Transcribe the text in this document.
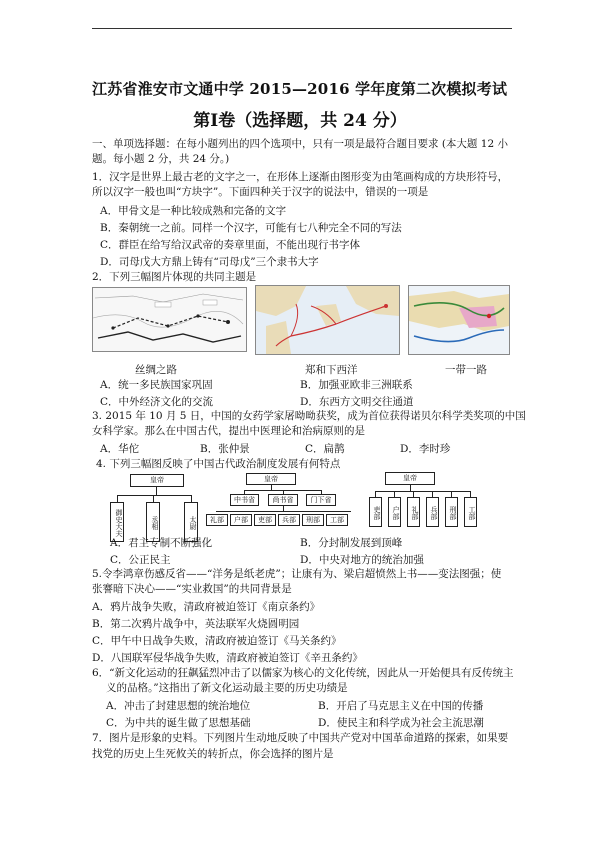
江苏省淮安市文通中学 2015—2016 学年度第二次模拟考试
第Ⅰ卷（选择题，共 24 分）
一、单项选择题：在每小题列出的四个选项中，只有一项是最符合题目要求 (本大题 12 小
题。每小题 2 分，共 24 分。)
1．汉字是世界上最古老的文字之一，在形体上逐渐由图形变为由笔画构成的方块形符号，
所以汉字一般也叫“方块字”。下面四种关于汉字的说法中，错误的一项是
A．甲骨文是一种比较成熟和完备的文字
B．秦朝统一之前。同样一个汉字，可能有七八种完全不同的写法
C．群臣在给写给汉武帝的奏章里面，不能出现行书字体
D．司母戊大方鼎上铸有“司母戊”三个隶书大字
2．下列三幅图片体现的共同主题是
丝绸之路	郑和下西洋	一带一路
A．统一多民族国家巩固	B．加强亚欧非三洲联系
C．中外经济文化的交流	D．东西方文明交往通道
3. 2015 年 10 月 5 日，中国的女药学家屠呦呦获奖，成为首位获得诺贝尔科学类奖项的中国
女科学家。那么在中国古代，提出中医理论和治病原则的是
A．华佗	B．张仲景	C．扁鹊	D．李时珍
4. 下列三幅图反映了中国古代政治制度发展有何特点
皇帝
御史大夫	丞相	太尉
皇帝
中书省	尚书省	门下省
礼部	户部	吏部	兵部	刑部	工部
皇帝
吏部	户部	礼部	兵部	刑部	工部
A．君主专制不断强化	B．分封制发展到顶峰
C．公正民主	D．中央对地方的统治加强
5.令李鸿章伤感反省——“洋务是纸老虎”；让康有为、梁启超愤然上书——变法图强；使
张謇暗下决心——“实业救国”的共同背景是
A．鸦片战争失败，清政府被迫签订《南京条约》
B．第二次鸦片战争中，英法联军火烧圆明园
C．甲午中日战争失败，清政府被迫签订《马关条约》
D．八国联军侵华战争失败，清政府被迫签订《辛丑条约》
6．“新文化运动的狂飙猛烈冲击了以儒家为核心的文化传统，因此从一开始便具有反传统主
义的品格。”这指出了新文化运动最主要的历史功绩是
A．冲击了封建思想的统治地位	B．开启了马克思主义在中国的传播
C．为中共的诞生做了思想基础	D．使民主和科学成为社会主流思潮
7．图片是形象的史料。下列图片生动地反映了中国共产党对中国革命道路的探索，如果要
找党的历史上生死攸关的转折点，你会选择的图片是
